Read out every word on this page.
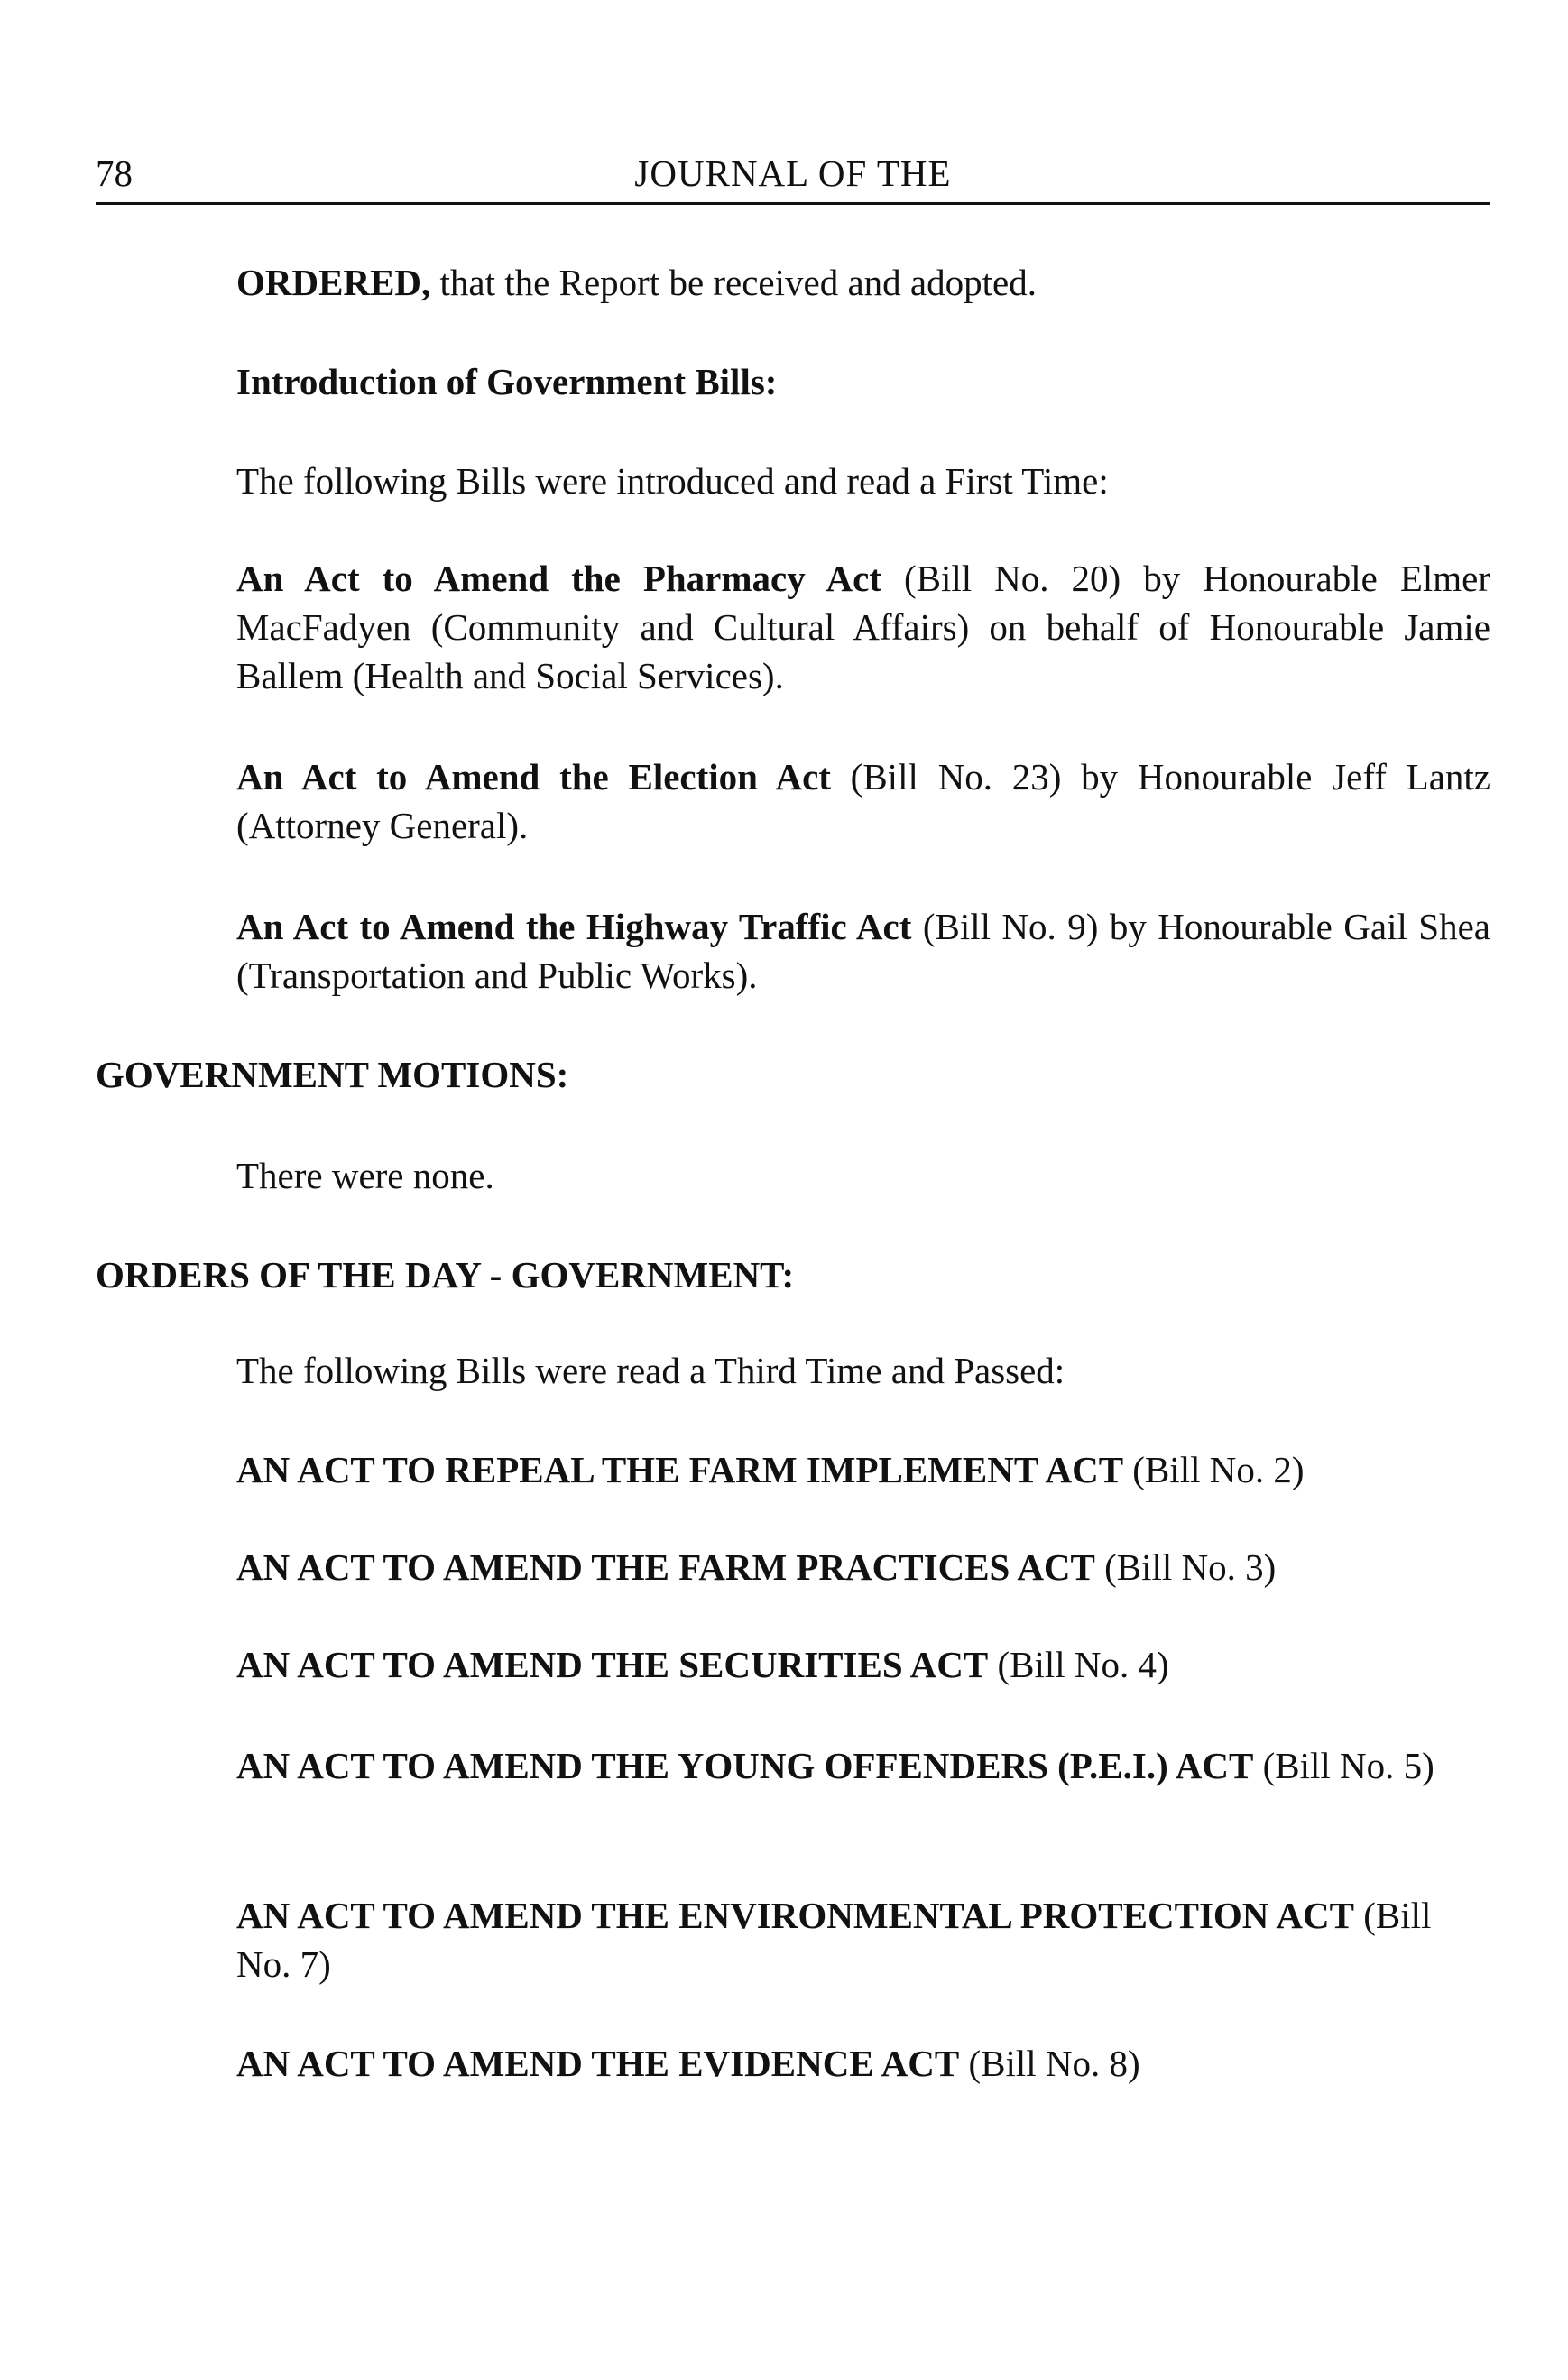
78	JOURNAL OF THE

ORDERED, that the Report be received and adopted.

Introduction of Government Bills:

The following Bills were introduced and read a First Time:

An Act to Amend the Pharmacy Act (Bill No. 20) by Honourable Elmer MacFadyen (Community and Cultural Affairs) on behalf of Honourable Jamie Ballem (Health and Social Services).

An Act to Amend the Election Act (Bill No. 23) by Honourable Jeff Lantz (Attorney General).

An Act to Amend the Highway Traffic Act (Bill No. 9) by Honourable Gail Shea (Transportation and Public Works).

GOVERNMENT MOTIONS:

There were none.

ORDERS OF THE DAY - GOVERNMENT:

The following Bills were read a Third Time and Passed:

AN ACT TO REPEAL THE FARM IMPLEMENT ACT (Bill No. 2)

AN ACT TO AMEND THE FARM PRACTICES ACT (Bill No. 3)

AN ACT TO AMEND THE SECURITIES ACT (Bill No. 4)

AN ACT TO AMEND THE YOUNG OFFENDERS (P.E.I.) ACT (Bill No. 5)

AN ACT TO AMEND THE ENVIRONMENTAL PROTECTION ACT (Bill No. 7)

AN ACT TO AMEND THE EVIDENCE ACT (Bill No. 8)
